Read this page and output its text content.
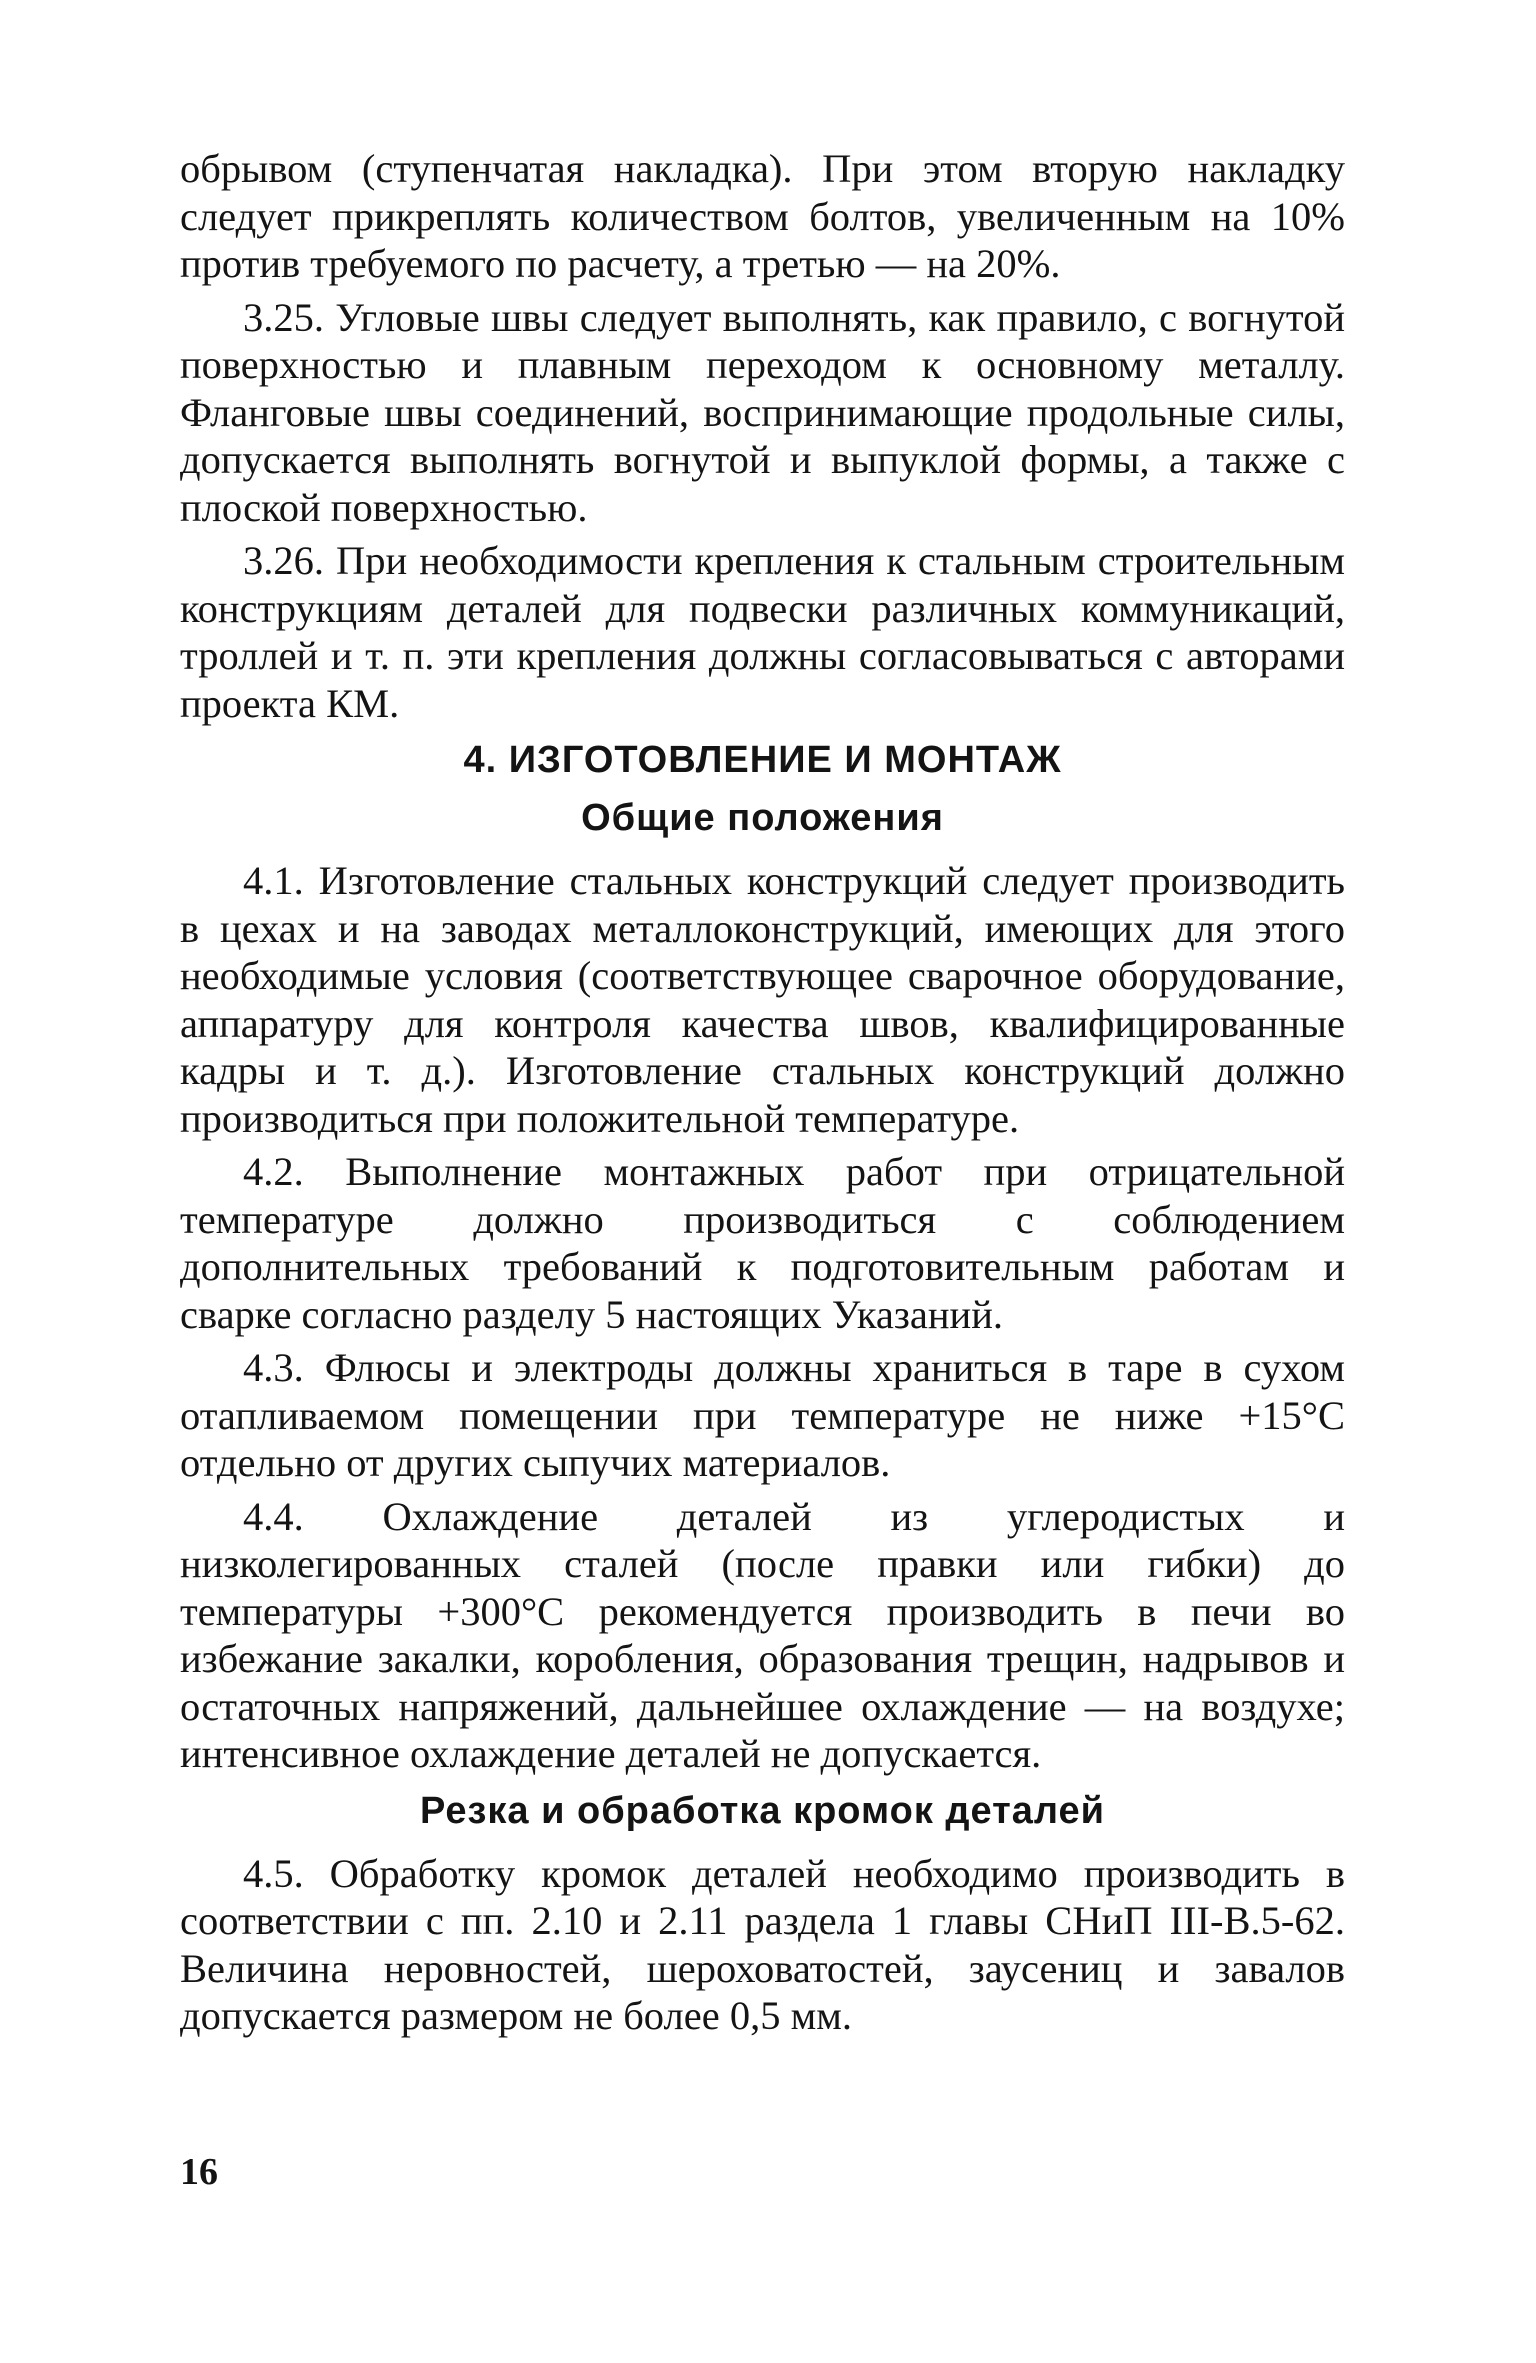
обрывом (ступенчатая накладка). При этом вторую накладку следует прикреплять количеством болтов, увеличенным на 10% против требуемого по расчету, а третью — на 20%.

3.25. Угловые швы следует выполнять, как правило, с вогнутой поверхностью и плавным переходом к основному металлу. Фланговые швы соединений, воспринимающие продольные силы, допускается выполнять вогнутой и выпуклой формы, а также с плоской поверхностью.

3.26. При необходимости крепления к стальным строительным конструкциям деталей для подвески различных коммуникаций, троллей и т. п. эти крепления должны согласовываться с авторами проекта КМ.

4. ИЗГОТОВЛЕНИЕ И МОНТАЖ
Общие положения

4.1. Изготовление стальных конструкций следует производить в цехах и на заводах металлоконструкций, имеющих для этого необходимые условия (соответствующее сварочное оборудование, аппаратуру для контроля качества швов, квалифицированные кадры и т. д.). Изготовление стальных конструкций должно производиться при положительной температуре.

4.2. Выполнение монтажных работ при отрицательной температуре должно производиться с соблюдением дополнительных требований к подготовительным работам и сварке согласно разделу 5 настоящих Указаний.

4.3. Флюсы и электроды должны храниться в таре в сухом отапливаемом помещении при температуре не ниже +15°С отдельно от других сыпучих материалов.

4.4. Охлаждение деталей из углеродистых и низколегированных сталей (после правки или гибки) до температуры +300°С рекомендуется производить в печи во избежание закалки, коробления, образования трещин, надрывов и остаточных напряжений, дальнейшее охлаждение — на воздухе; интенсивное охлаждение деталей не допускается.

Резка и обработка кромок деталей

4.5. Обработку кромок деталей необходимо производить в соответствии с пп. 2.10 и 2.11 раздела 1 главы СНиП III-В.5-62. Величина неровностей, шероховатостей, заусениц и завалов допускается размером не более 0,5 мм.

16
